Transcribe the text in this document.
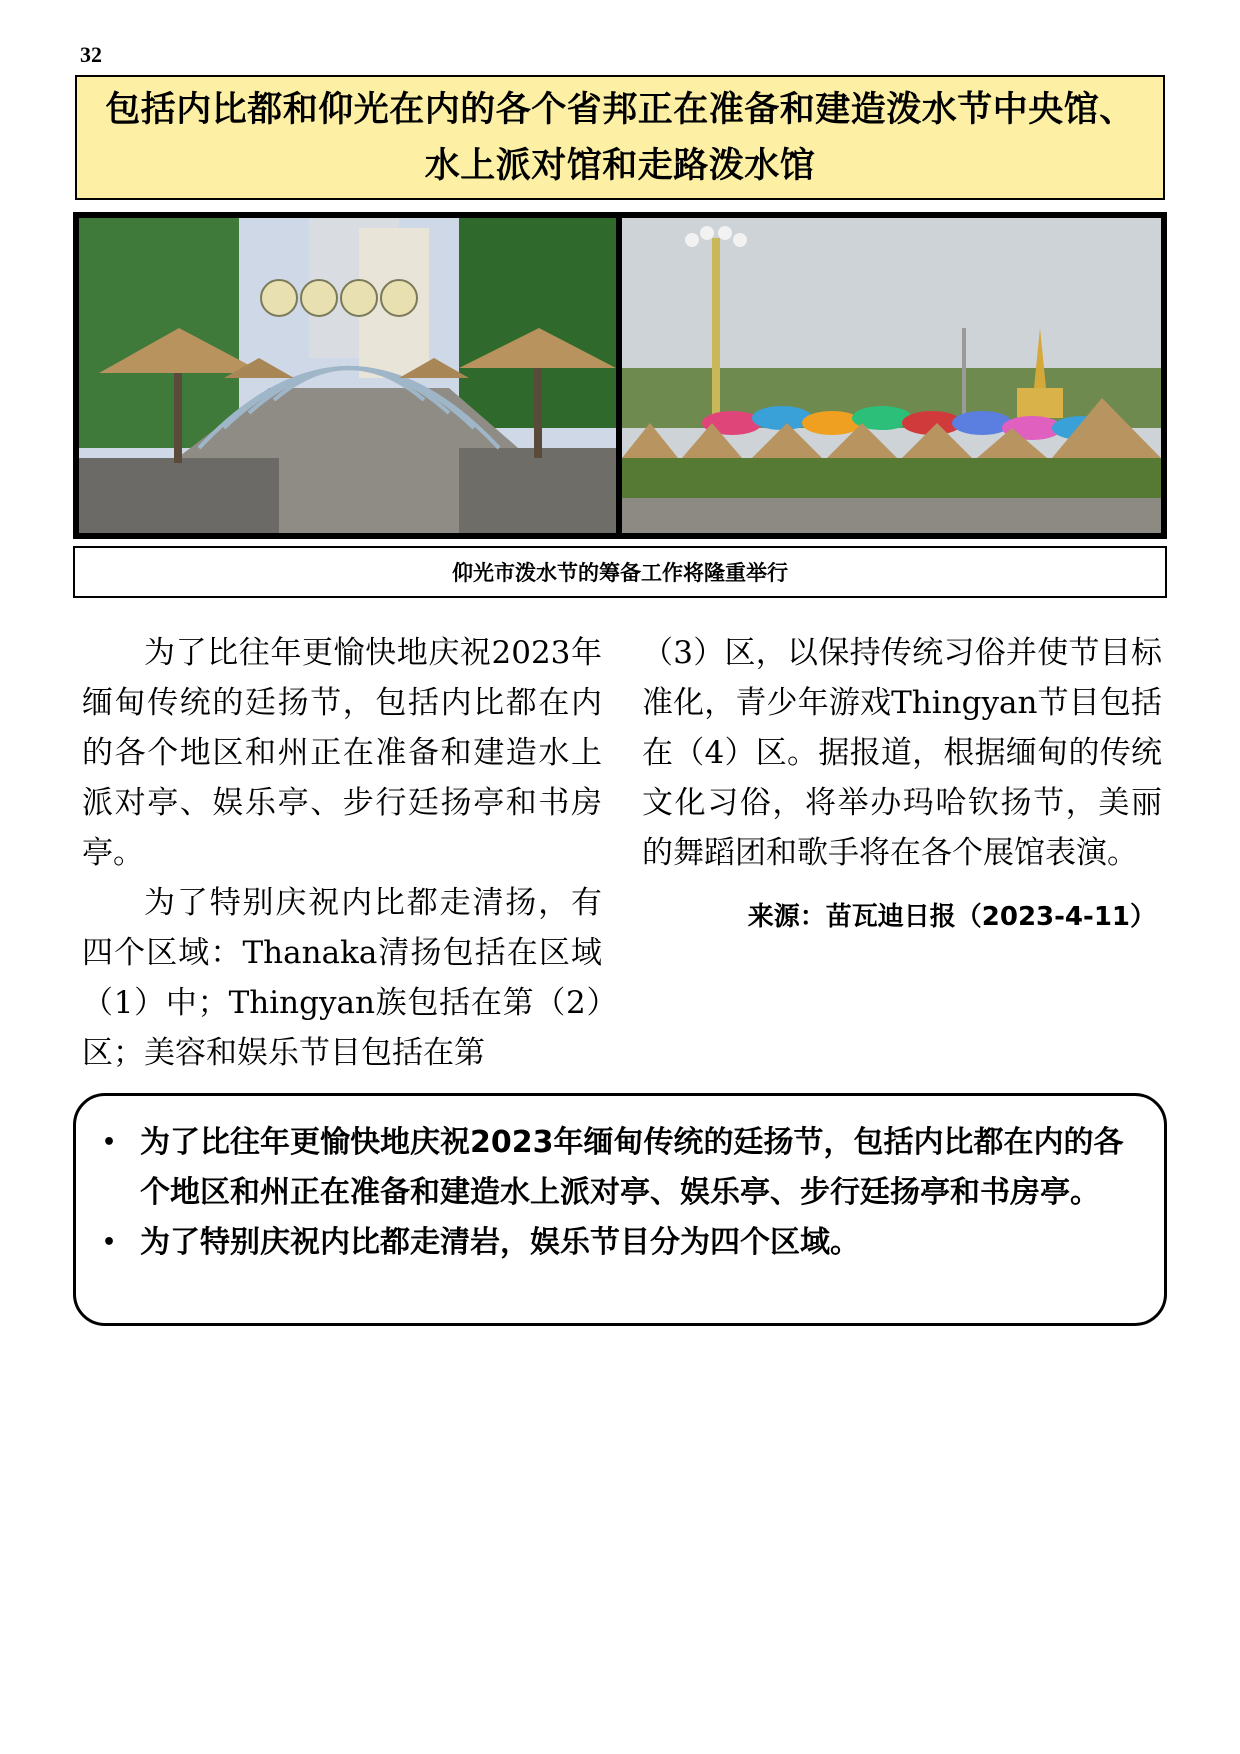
32
包括内比都和仰光在内的各个省邦正在准备和建造泼水节中央馆、水上派对馆和走路泼水馆
仰光市泼水节的筹备工作将隆重举行

为了比往年更愉快地庆祝2023年缅甸传统的廷扬节，包括内比都在内的各个地区和州正在准备和建造水上派对亭、娱乐亭、步行廷扬亭和书房亭。

为了特别庆祝内比都走清扬，有四个区域：Thanaka清扬包括在区域（1）中；Thingyan族包括在第（2）区；美容和娱乐节目包括在第

（3）区，以保持传统习俗并使节目标准化，青少年游戏Thingyan节目包括在（4）区。据报道，根据缅甸的传统文化习俗，将举办玛哈钦扬节，美丽的舞蹈团和歌手将在各个展馆表演。

来源：苗瓦迪日报（2023-4-11）
• 为了比往年更愉快地庆祝2023年缅甸传统的廷扬节，包括内比都在内的各个地区和州正在准备和建造水上派对亭、娱乐亭、步行廷扬亭和书房亭。
• 为了特别庆祝内比都走清岩，娱乐节目分为四个区域。
